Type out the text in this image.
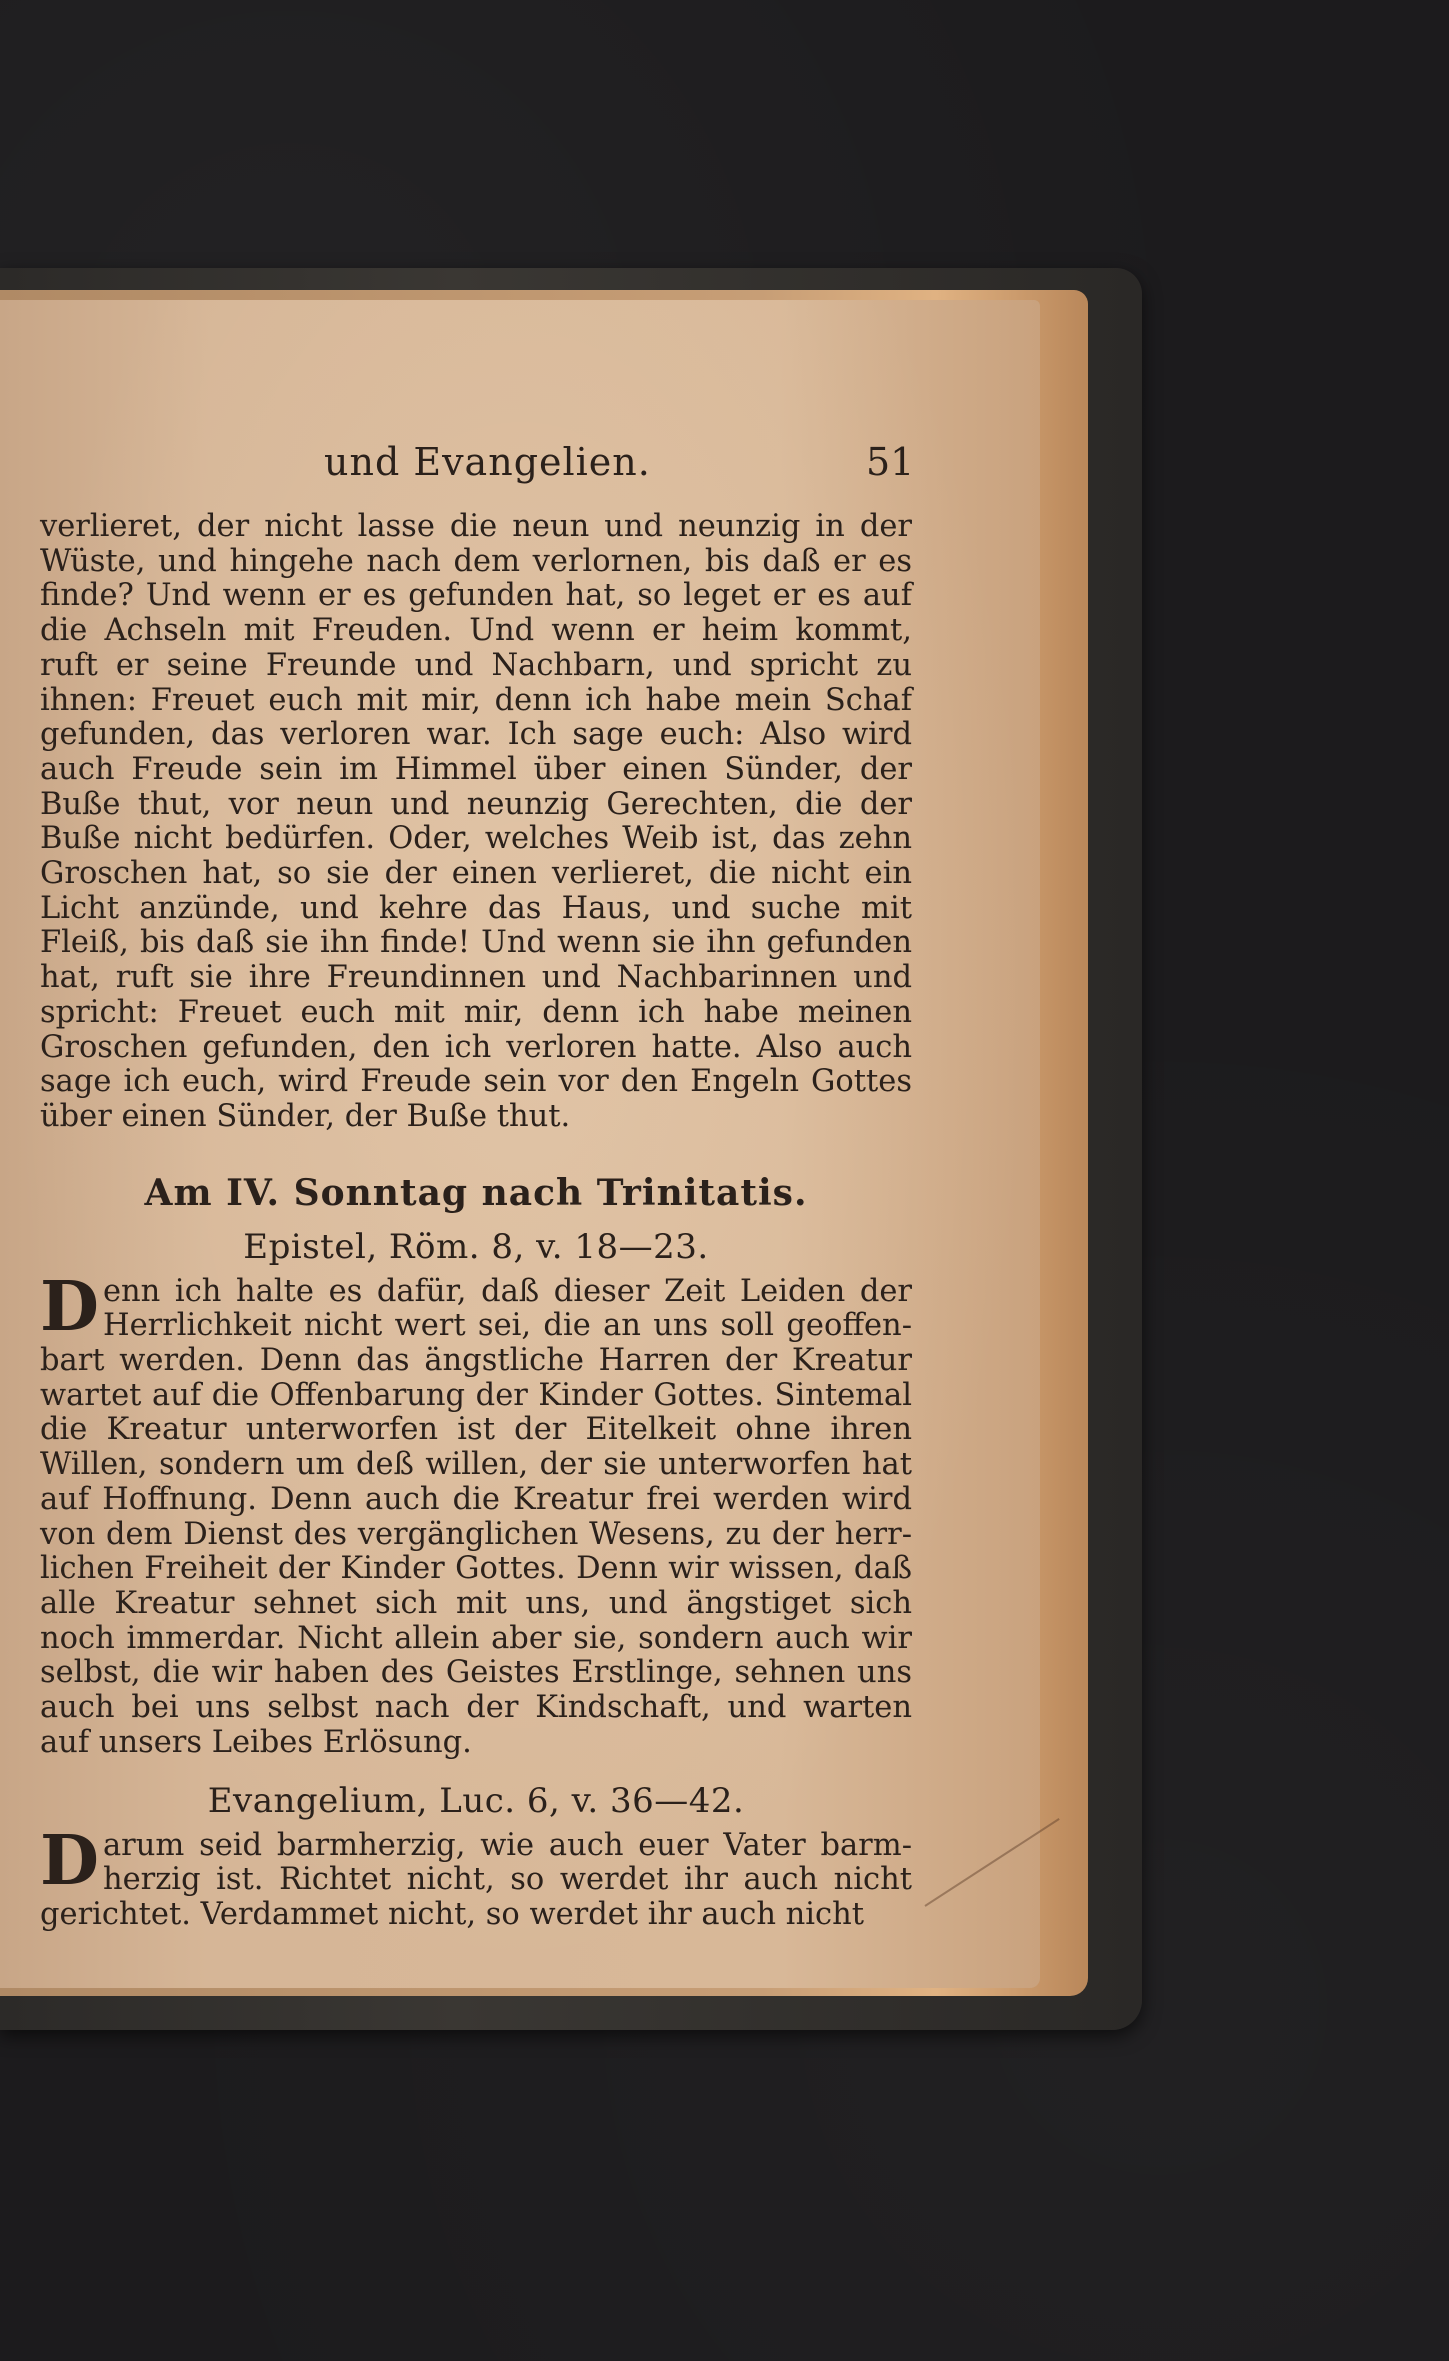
und Evangelien.	51

verlieret, der nicht lasse die neun und neunzig in der Wüste, und hingehe nach dem verlornen, bis daß er es finde? Und wenn er es gefunden hat, so leget er es auf die Achseln mit Freuden. Und wenn er heim kommt, ruft er seine Freunde und Nachbarn, und spricht zu ihnen: Freuet euch mit mir, denn ich habe mein Schaf gefunden, das verloren war. Ich sage euch: Also wird auch Freude sein im Himmel über einen Sünder, der Buße thut, vor neun und neunzig Gerechten, die der Buße nicht bedürfen. Oder, welches Weib ist, das zehn Groschen hat, so sie der einen verlieret, die nicht ein Licht anzünde, und kehre das Haus, und suche mit Fleiß, bis daß sie ihn finde! Und wenn sie ihn gefunden hat, ruft sie ihre Freundinnen und Nachbarinnen und spricht: Freuet euch mit mir, denn ich habe meinen Groschen gefunden, den ich verloren hatte. Also auch sage ich euch, wird Freude sein vor den Engeln Gottes über einen Sünder, der Buße thut.

Am IV. Sonntag nach Trinitatis.
Epistel, Röm. 8, v. 18—23.

Denn ich halte es dafür, daß dieser Zeit Leiden der Herrlichkeit nicht wert sei, die an uns soll geoffenbart werden. Denn das ängstliche Harren der Kreatur wartet auf die Offenbarung der Kinder Gottes. Sintemal die Kreatur unterworfen ist der Eitelkeit ohne ihren Willen, sondern um deß willen, der sie unterworfen hat auf Hoffnung. Denn auch die Kreatur frei werden wird von dem Dienst des vergänglichen Wesens, zu der herrlichen Freiheit der Kinder Gottes. Denn wir wissen, daß alle Kreatur sehnet sich mit uns, und ängstiget sich noch immerdar. Nicht allein aber sie, sondern auch wir selbst, die wir haben des Geistes Erstlinge, sehnen uns auch bei uns selbst nach der Kindschaft, und warten auf unsers Leibes Erlösung.

Evangelium, Luc. 6, v. 36—42.

Darum seid barmherzig, wie auch euer Vater barmherzig ist. Richtet nicht, so werdet ihr auch nicht gerichtet. Verdammet nicht, so werdet ihr auch nicht
